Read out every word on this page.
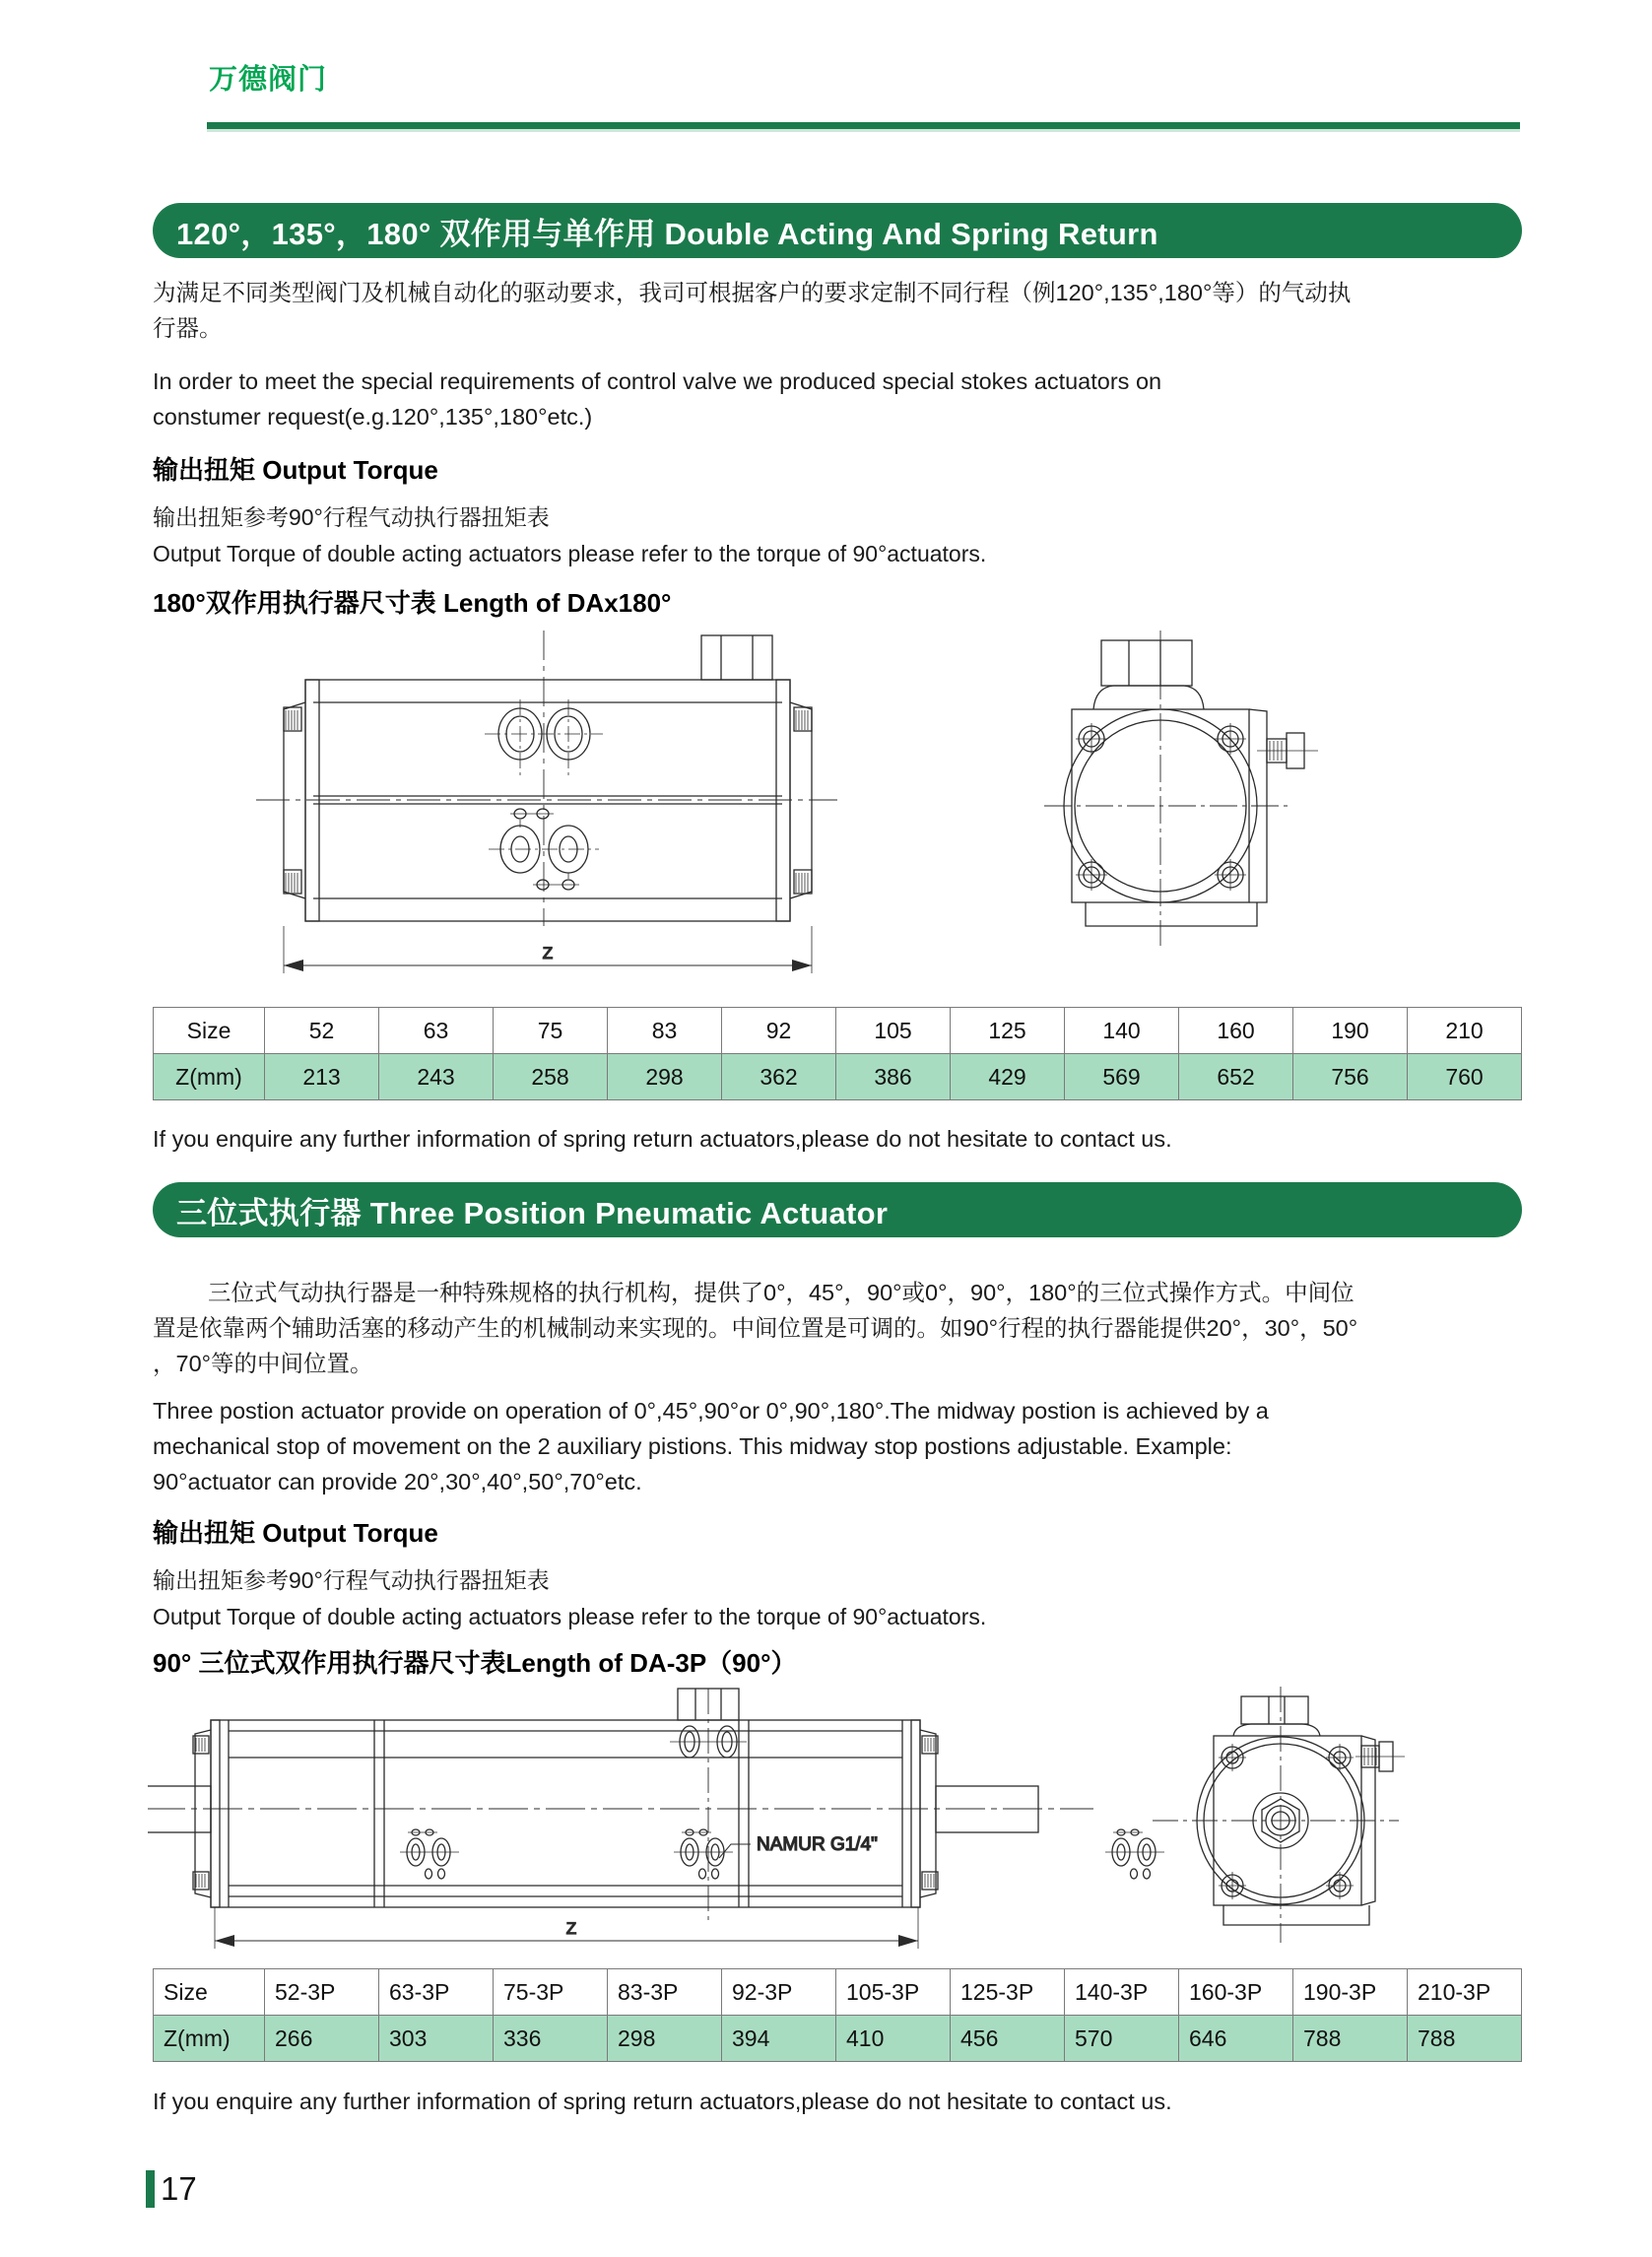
万德阀门
120°，135°，180° 双作用与单作用 Double Acting And Spring Return
为满足不同类型阀门及机械自动化的驱动要求，我司可根据客户的要求定制不同行程（例120°,135°,180°等）的气动执
行器。
In order to meet the special requirements of control valve we produced special stokes actuators on
constumer request(e.g.120°,135°,180°etc.)
输出扭矩 Output Torque
输出扭矩参考90°行程气动执行器扭矩表
Output Torque of double acting actuators please refer to the torque of 90°actuators.
180°双作用执行器尺寸表 Length of DAx180°
Z
Size	52	63	75	83	92	105	125	140	160	190	210
Z(mm)	213	243	258	298	362	386	429	569	652	756	760
If you enquire any further information of spring return actuators,please do not hesitate to contact us.
三位式执行器 Three Position Pneumatic Actuator
三位式气动执行器是一种特殊规格的执行机构，提供了0°，45°，90°或0°，90°，180°的三位式操作方式。中间位
置是依靠两个辅助活塞的移动产生的机械制动来实现的。中间位置是可调的。如90°行程的执行器能提供20°，30°，50°
，70°等的中间位置。
Three postion actuator provide on operation of 0°,45°,90°or 0°,90°,180°.The midway postion is achieved by a
mechanical stop of movement on the 2 auxiliary pistions. This midway stop postions adjustable. Example:
90°actuator can provide 20°,30°,40°,50°,70°etc.
输出扭矩 Output Torque
输出扭矩参考90°行程气动执行器扭矩表
Output Torque of double acting actuators please refer to the torque of 90°actuators.
90° 三位式双作用执行器尺寸表Length of DA-3P（90°）
NAMUR G1/4"
Z
Size	52-3P	63-3P	75-3P	83-3P	92-3P	105-3P	125-3P	140-3P	160-3P	190-3P	210-3P
Z(mm)	266	303	336	298	394	410	456	570	646	788	788
If you enquire any further information of spring return actuators,please do not hesitate to contact us.
17
